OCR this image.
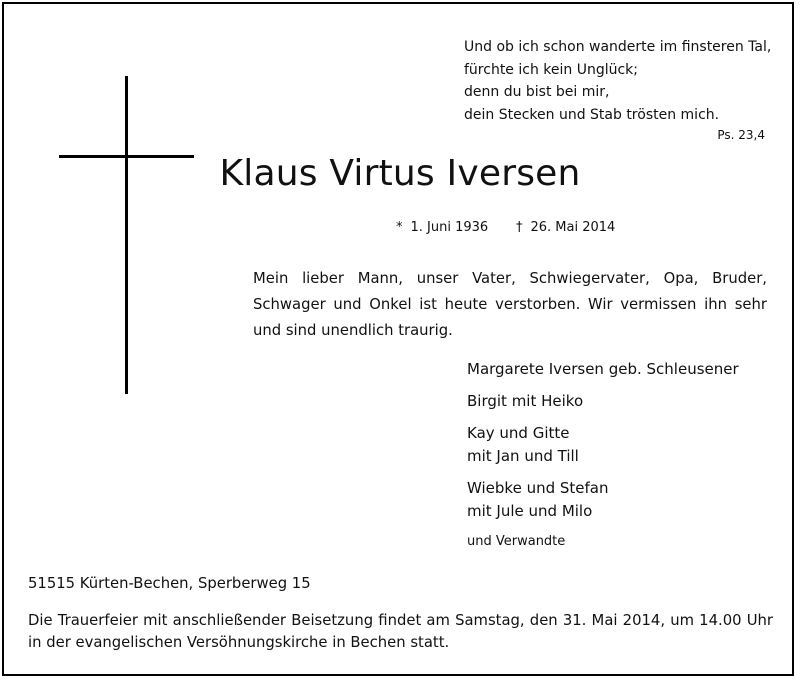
Und ob ich schon wanderte im finsteren Tal,
fürchte ich kein Unglück;
denn du bist bei mir,
dein Stecken und Stab trösten mich.
Ps. 23,4
Klaus Virtus Iversen
* 1. Juni 1936 † 26. Mai 2014
Mein lieber Mann, unser Vater, Schwiegervater, Opa, Bruder, Schwager und Onkel ist heute verstorben. Wir vermissen ihn sehr und sind unendlich traurig.
Margarete Iversen geb. Schleusener
Birgit mit Heiko
Kay und Gitte
mit Jan und Till
Wiebke und Stefan
mit Jule und Milo
und Verwandte
51515 Kürten-Bechen, Sperberweg 15
Die Trauerfeier mit anschließender Beisetzung findet am Samstag, den 31. Mai 2014, um 14.00 Uhr in der evangelischen Versöhnungskirche in Bechen statt.
